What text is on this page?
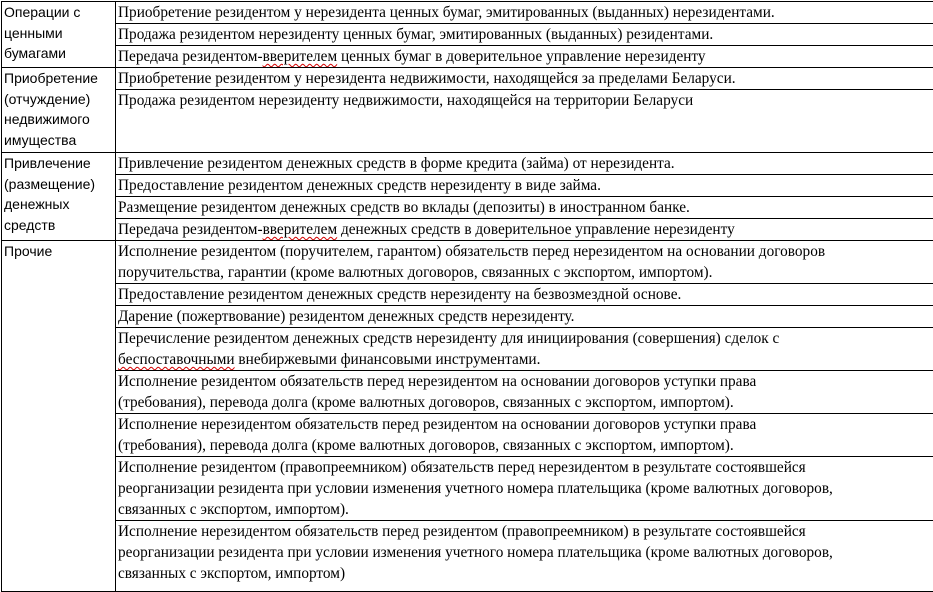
Операции с
ценными
бумагами	Приобретение резидентом у нерезидента ценных бумаг, эмитированных (выданных) нерезидентами.
	Продажа резидентом нерезиденту ценных бумаг, эмитированных (выданных) резидентами.
	Передача резидентом-вверителем ценных бумаг в доверительное управление нерезиденту
Приобретение
(отчуждение)
недвижимого
имущества	Приобретение резидентом у нерезидента недвижимости, находящейся за пределами Беларуси.
	Продажа резидентом нерезиденту недвижимости, находящейся на территории Беларуси
Привлечение
(размещение)
денежных
средств	Привлечение резидентом денежных средств в форме кредита (займа) от нерезидента.
	Предоставление резидентом денежных средств нерезиденту в виде займа.
	Размещение резидентом денежных средств во вклады (депозиты) в иностранном банке.
	Передача резидентом-вверителем денежных средств в доверительное управление нерезиденту
Прочие	Исполнение резидентом (поручителем, гарантом) обязательств перед нерезидентом на основании договоров
поручительства, гарантии (кроме валютных договоров, связанных с экспортом, импортом).
	Предоставление резидентом денежных средств нерезиденту на безвозмездной основе.
	Дарение (пожертвование) резидентом денежных средств нерезиденту.
	Перечисление резидентом денежных средств нерезиденту для инициирования (совершения) сделок с
беспоставочными внебиржевыми финансовыми инструментами.
	Исполнение резидентом обязательств перед нерезидентом на основании договоров уступки права
(требования), перевода долга (кроме валютных договоров, связанных с экспортом, импортом).
	Исполнение нерезидентом обязательств перед резидентом на основании договоров уступки права
(требования), перевода долга (кроме валютных договоров, связанных с экспортом, импортом).
	Исполнение резидентом (правопреемником) обязательств перед нерезидентом в результате состоявшейся
реорганизации резидента при условии изменения учетного номера плательщика (кроме валютных договоров,
связанных с экспортом, импортом).
	Исполнение нерезидентом обязательств перед резидентом (правопреемником) в результате состоявшейся
реорганизации резидента при условии изменения учетного номера плательщика (кроме валютных договоров,
связанных с экспортом, импортом)
